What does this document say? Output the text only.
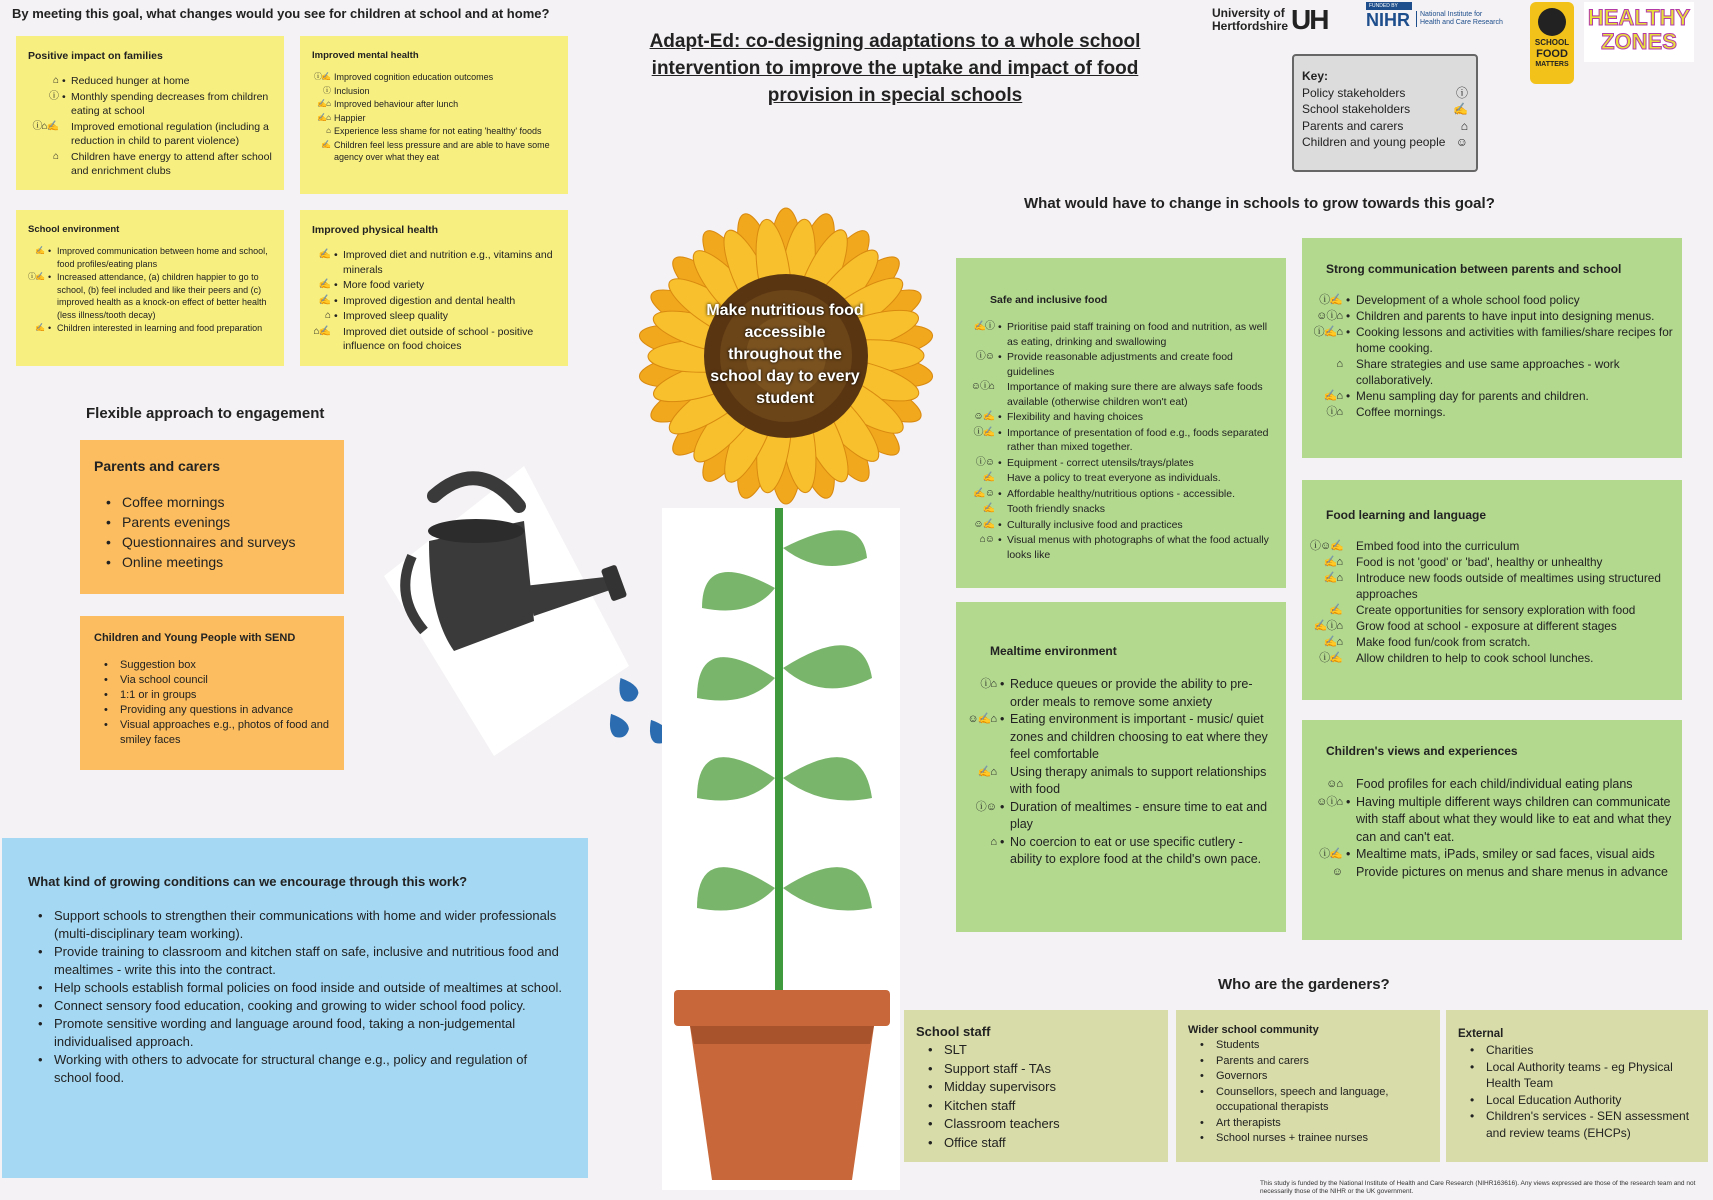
By meeting this goal, what changes would you see for children at school and at home?
Adapt-Ed: co-designing adaptations to a whole school
intervention to improve the uptake and impact of food
provision in special schools
University of
Hertfordshire UH	FUNDED BY
NIHR National Institute for
Health and Care Research
SCHOOL
FOOD
MATTERS
HEALTHY
ZONES
Key:
Policy stakeholders	ⓘ
School stakeholders	✍
Parents and carers	⌂
Children and young people ☺
Positive impact on families
⌂ • Reduced hunger at home
ⓘ • Monthly spending decreases from children eating at school
ⓘ⌂✍
	Improved emotional regulation (including a reduction in child to parent violence)
⌂
	Children have energy to attend after school and enrichment clubs
Improved mental health
ⓘ✍ Improved cognition education outcomes
ⓘ Inclusion
✍⌂ Improved behaviour after lunch
✍⌂ Happier
⌂ Experience less shame for not eating 'healthy' foods
✍ Children feel less pressure and are able to have some agency over what they eat
School environment
✍ • Improved communication between home and school, food profiles/eating plans
ⓘ✍ • Increased attendance, (a) children happier to go to school, (b) feel included and like their peers and (c) improved health as a knock-on effect of better health (less illness/tooth decay)
✍ • Children interested in learning and food preparation
Improved physical health
✍ • Improved diet and nutrition e.g., vitamins and minerals
✍ • More food variety
✍ • Improved digestion and dental health
⌂ • Improved sleep quality
⌂✍
	Improved diet outside of school - positive influence on food choices
Flexible approach to engagement
Parents and carers
• Coffee mornings
• Parents evenings
• Questionnaires and surveys
• Online meetings
Children and Young People with SEND
• Suggestion box
• Via school council
• 1:1 or in groups
• Providing any questions in advance
• Visual approaches e.g., photos of food and smiley faces
What kind of growing conditions can we encourage through this work?
• Support schools to strengthen their communications with home and wider professionals (multi-disciplinary team working).
• Provide training to classroom and kitchen staff on safe, inclusive and nutritious food and mealtimes - write this into the contract.
• Help schools establish formal policies on food inside and outside of mealtimes at school.
• Connect sensory food education, cooking and growing to wider school food policy.
• Promote sensitive wording and language around food, taking a non-judgemental individualised approach.
• Working with others to advocate for structural change e.g., policy and regulation of school food.
Make nutritious food accessible throughout the school day to every student
What would have to change in schools to grow towards this goal?
Safe and inclusive food
✍ⓘ • Prioritise paid staff training on food and nutrition, as well as eating, drinking and swallowing
ⓘ☺ • Provide reasonable adjustments and create food guidelines
☺ⓘ⌂
	Importance of making sure there are always safe foods available (otherwise children won't eat)
☺✍ • Flexibility and having choices
ⓘ✍ • Importance of presentation of food e.g., foods separated rather than mixed together.
ⓘ☺ • Equipment - correct utensils/trays/plates
✍
	Have a policy to treat everyone as individuals.
✍☺ • Affordable healthy/nutritious options - accessible.
✍
	Tooth friendly snacks
☺✍ • Culturally inclusive food and practices
⌂☺ • Visual menus with photographs of what the food actually looks like
Mealtime environment
ⓘ⌂ • Reduce queues or provide the ability to pre-order meals to remove some anxiety
☺✍⌂ • Eating environment is important - music/ quiet zones and children choosing to eat where they feel comfortable
✍⌂
	Using therapy animals to support relationships with food
ⓘ☺ • Duration of mealtimes - ensure time to eat and play
⌂ • No coercion to eat or use specific cutlery - ability to explore food at the child's own pace.
Strong communication between parents and school
ⓘ✍ • Development of a whole school food policy
☺ⓘ⌂ • Children and parents to have input into designing menus.
ⓘ✍⌂ • Cooking lessons and activities with families/share recipes for home cooking.
⌂
	Share strategies and use same approaches - work collaboratively.
✍⌂ • Menu sampling day for parents and children.
ⓘ⌂
	Coffee mornings.
Food learning and language
ⓘ☺✍
Embed food into the curriculum
✍⌂
	Food is not 'good' or 'bad', healthy or unhealthy
✍⌂
	Introduce new foods outside of mealtimes using structured approaches
✍
	Create opportunities for sensory exploration with food
✍ⓘ⌂
	Grow food at school - exposure at different stages
✍⌂
	Make food fun/cook from scratch.
ⓘ✍
	Allow children to help to cook school lunches.
Children's views and experiences
☺⌂
	Food profiles for each child/individual eating plans
☺ⓘ⌂ • Having multiple different ways children can communicate with staff about what they would like to eat and what they can and can't eat.
ⓘ✍ • Mealtime mats, iPads, smiley or sad faces, visual aids
☺
	Provide pictures on menus and share menus in advance
Who are the gardeners?
School staff
• SLT
• Support staff - TAs
• Midday supervisors
• Kitchen staff
• Classroom teachers
• Office staff
Wider school community
• Students
• Parents and carers
• Governors
• Counsellors, speech and language, occupational therapists
• Art therapists
• School nurses + trainee nurses
External
• Charities
• Local Authority teams - eg Physical Health Team
• Local Education Authority
• Children's services - SEN assessment and review teams (EHCPs)
This study is funded by the National Institute of Health and Care Research (NIHR163616). Any views expressed are those of the research team and not necessarily those of the NIHR or the UK government.
